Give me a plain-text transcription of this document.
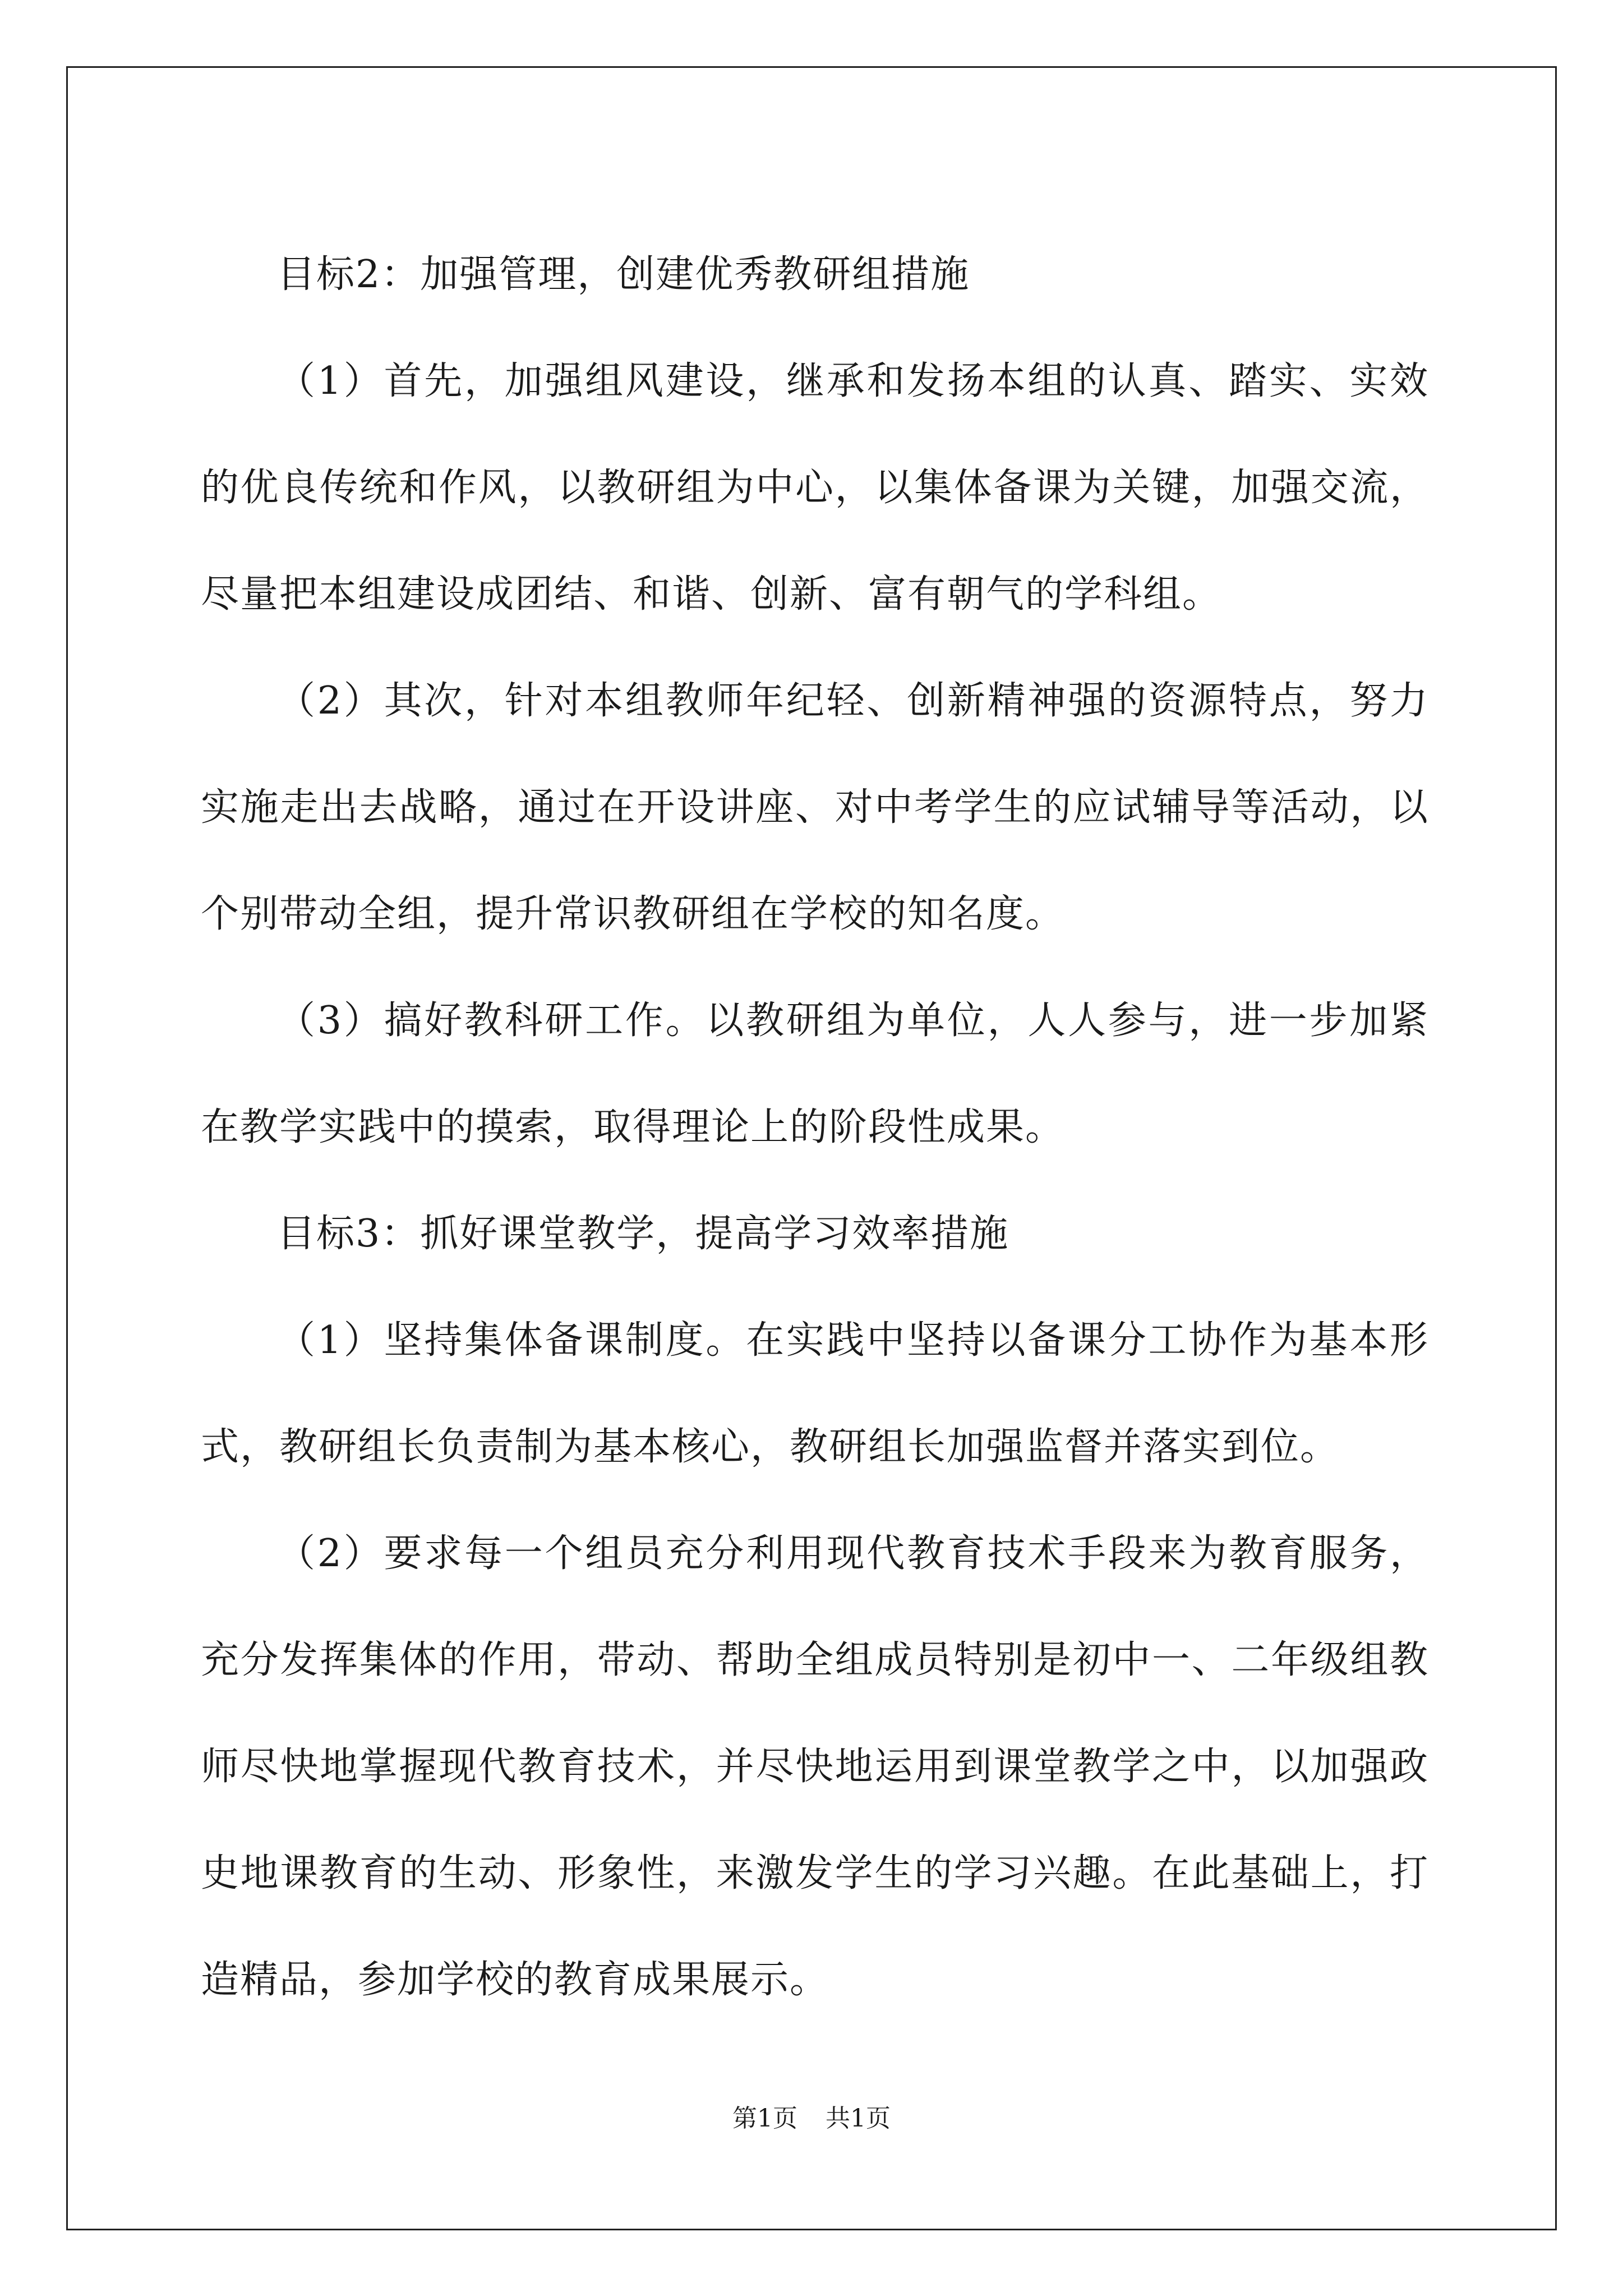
目标2：加强管理，创建优秀教研组措施

（1）首先，加强组风建设，继承和发扬本组的认真、踏实、实效的优良传统和作风，以教研组为中心，以集体备课为关键，加强交流，尽量把本组建设成团结、和谐、创新、富有朝气的学科组。

（2）其次，针对本组教师年纪轻、创新精神强的资源特点，努力实施走出去战略，通过在开设讲座、对中考学生的应试辅导等活动，以个别带动全组，提升常识教研组在学校的知名度。

（3）搞好教科研工作。以教研组为单位，人人参与，进一步加紧在教学实践中的摸索，取得理论上的阶段性成果。

目标3：抓好课堂教学，提高学习效率措施

（1）坚持集体备课制度。在实践中坚持以备课分工协作为基本形式，教研组长负责制为基本核心，教研组长加强监督并落实到位。

（2）要求每一个组员充分利用现代教育技术手段来为教育服务，充分发挥集体的作用，带动、帮助全组成员特别是初中一、二年级组教师尽快地掌握现代教育技术，并尽快地运用到课堂教学之中，以加强政史地课教育的生动、形象性，来激发学生的学习兴趣。在此基础上，打造精品，参加学校的教育成果展示。

第1页 共1页
